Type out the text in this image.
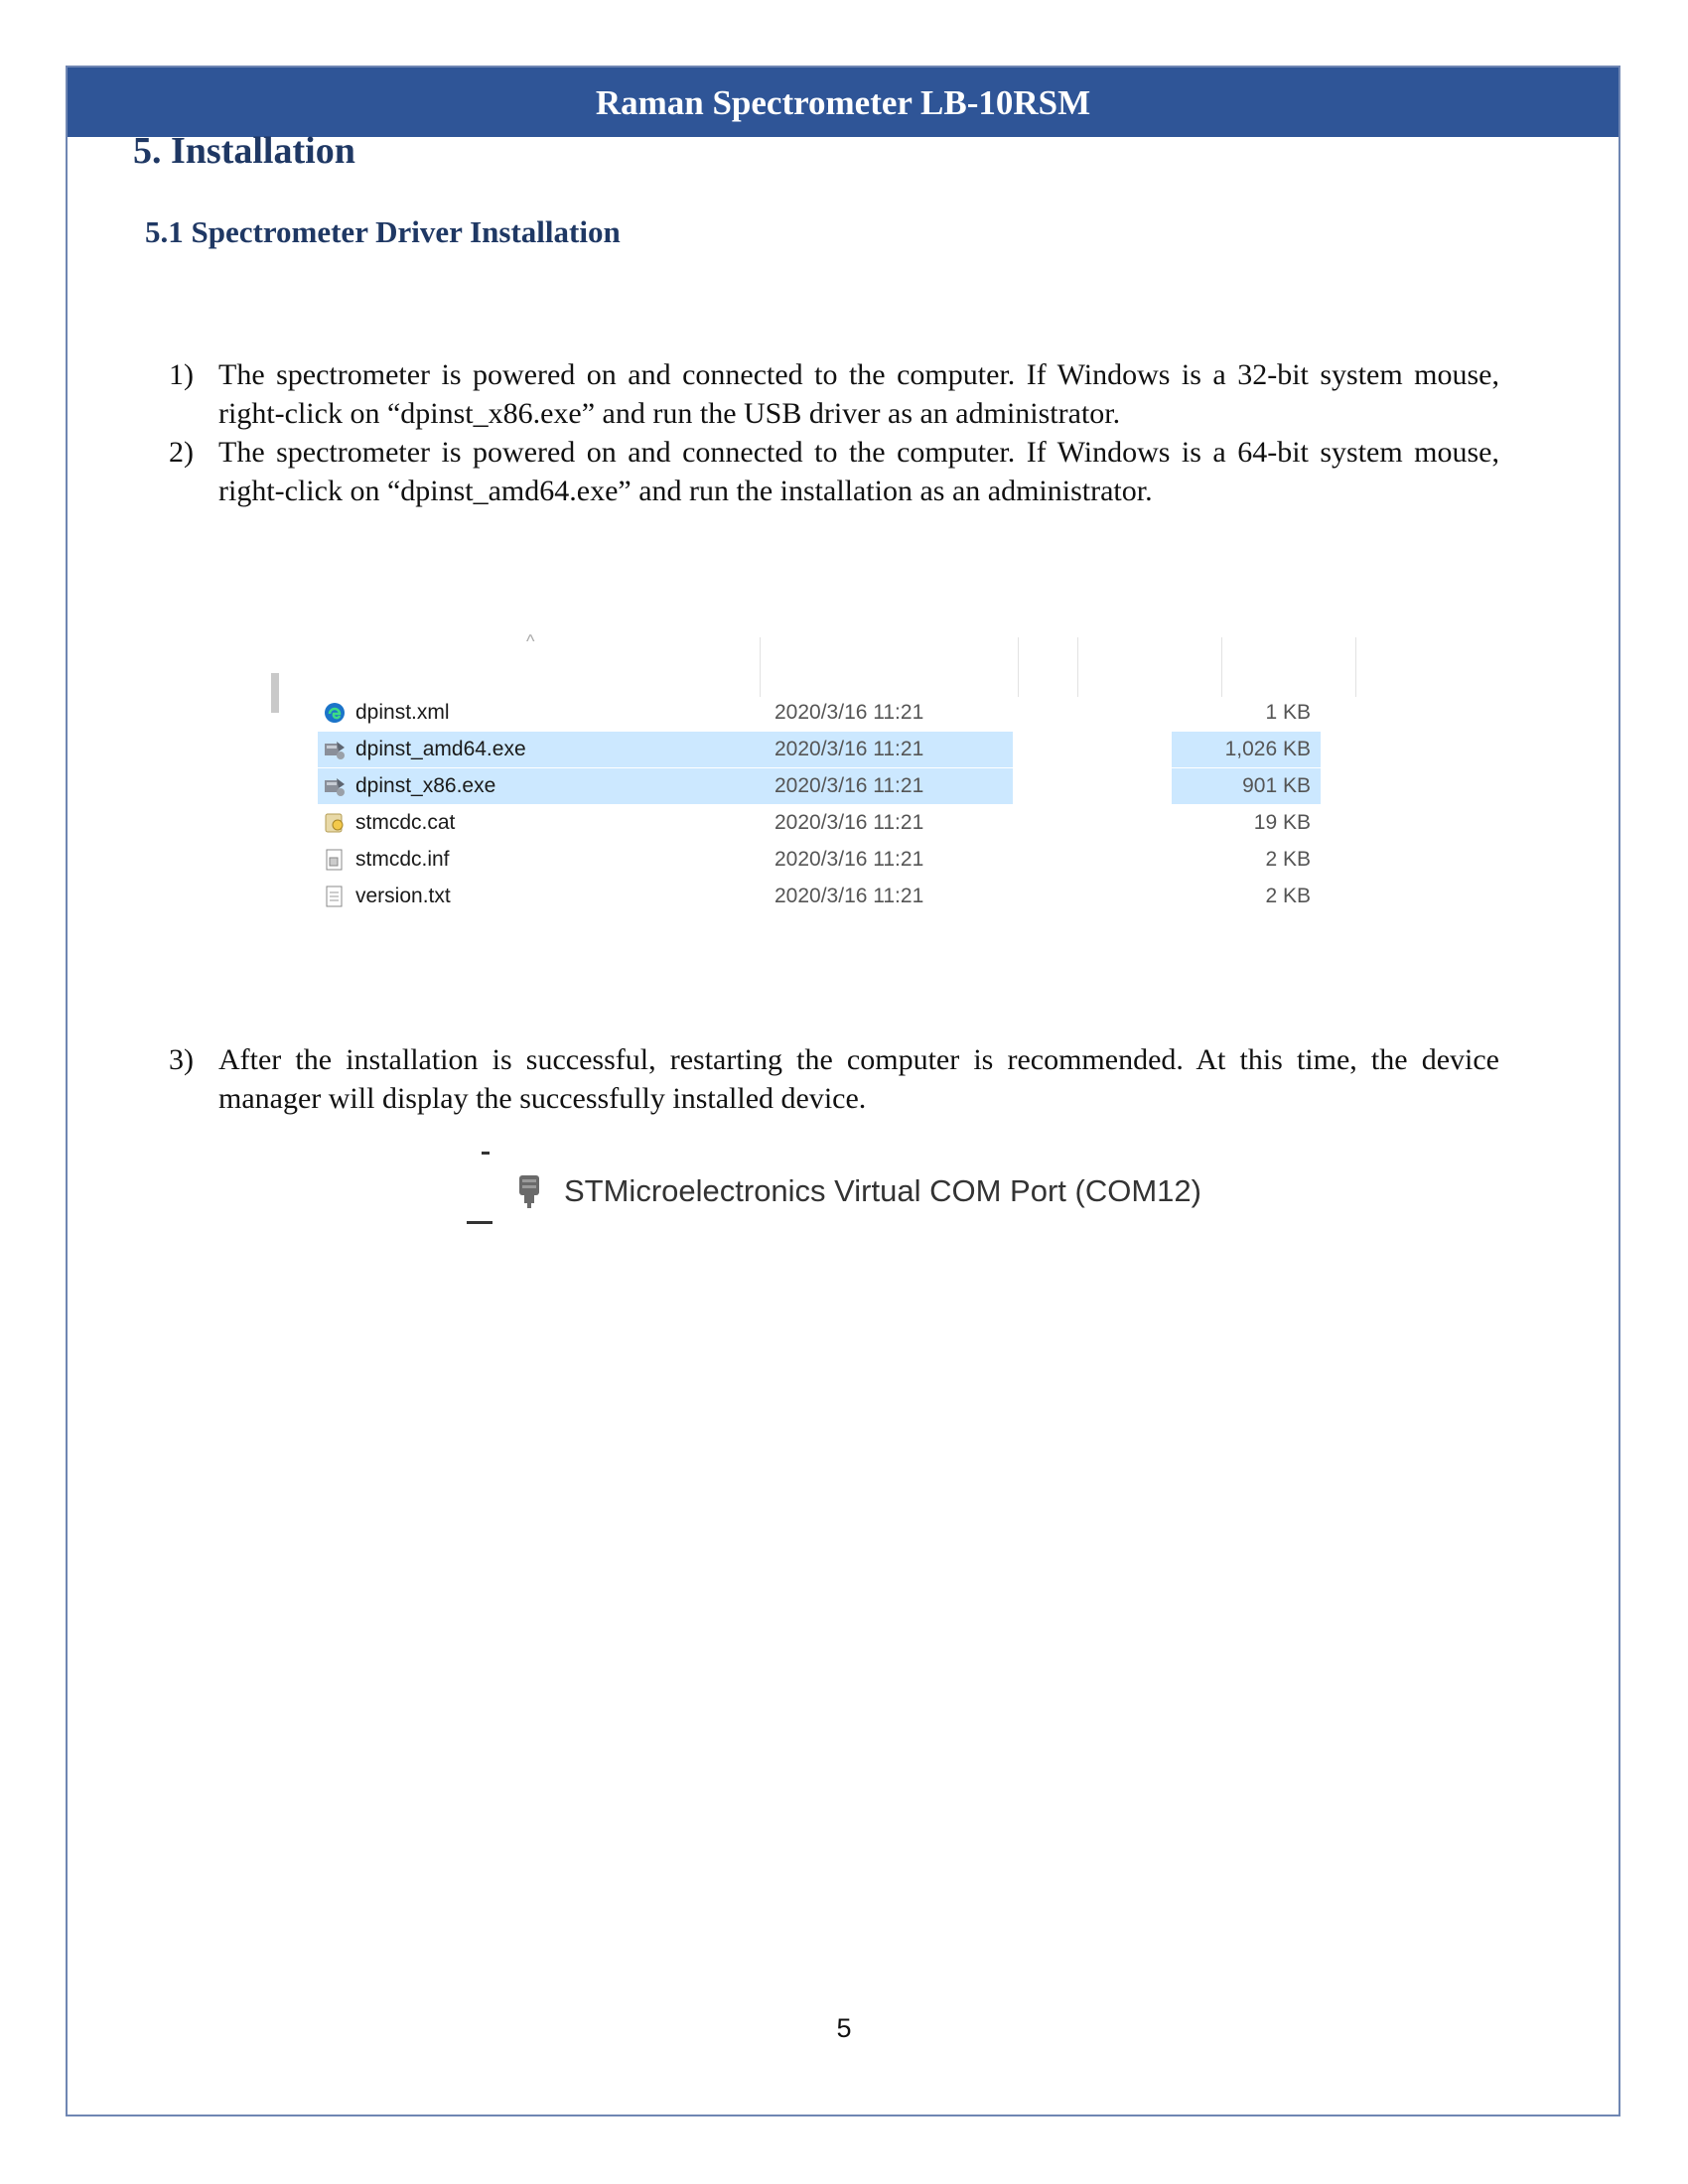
Raman Spectrometer LB-10RSM
5. Installation
5.1 Spectrometer Driver Installation
1) The spectrometer is powered on and connected to the computer. If Windows is a 32-bit system mouse, right-click on “dpinst_x86.exe” and run the USB driver as an administrator.
2) The spectrometer is powered on and connected to the computer. If Windows is a 64-bit system mouse, right-click on “dpinst_amd64.exe” and run the installation as an administrator.
^
dpinst.xml	2020/3/16 11:21	1 KB
dpinst_amd64.exe	2020/3/16 11:21	1,026 KB
dpinst_x86.exe	2020/3/16 11:21	901 KB
stmcdc.cat	2020/3/16 11:21	19 KB
stmcdc.inf	2020/3/16 11:21	2 KB
version.txt	2020/3/16 11:21	2 KB
3) After the installation is successful, restarting the computer is recommended. At this time, the device manager will display the successfully installed device.
STMicroelectronics Virtual COM Port (COM12)
5
